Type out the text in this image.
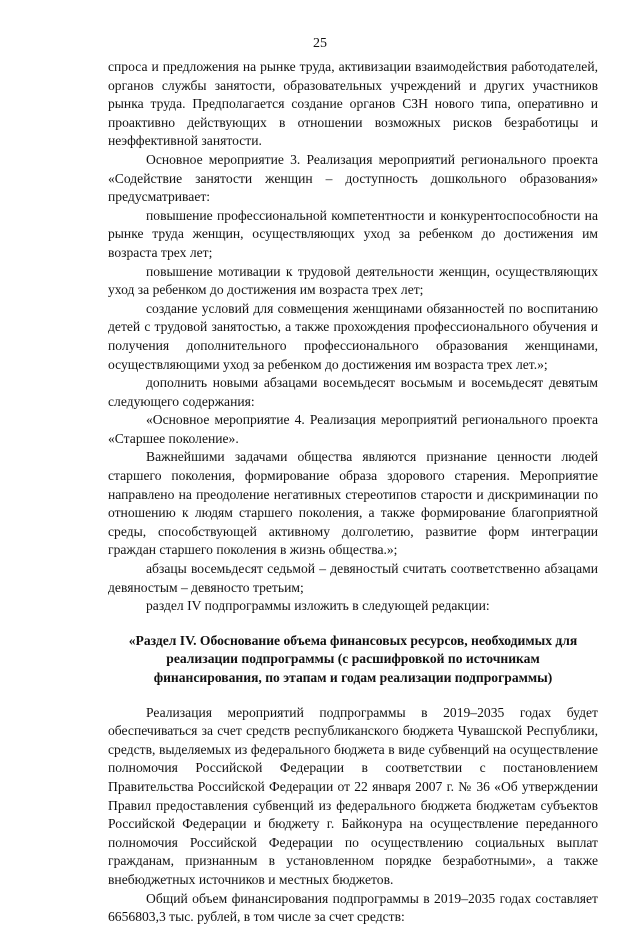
25

спроса и предложения на рынке труда, активизации взаимодействия работодателей, органов службы занятости, образовательных учреждений и других участников рынка труда. Предполагается создание органов СЗН нового типа, оперативно и проактивно действующих в отношении возможных рисков безработицы и неэффективной занятости.

Основное мероприятие 3. Реализация мероприятий регионального проекта «Содействие занятости женщин – доступность дошкольного образования» предусматривает:

повышение профессиональной компетентности и конкурентоспособности на рынке труда женщин, осуществляющих уход за ребенком до достижения им возраста трех лет;

повышение мотивации к трудовой деятельности женщин, осуществляющих уход за ребенком до достижения им возраста трех лет;

создание условий для совмещения женщинами обязанностей по воспитанию детей с трудовой занятостью, а также прохождения профессионального обучения и получения дополнительного профессионального образования женщинами, осуществляющими уход за ребенком до достижения им возраста трех лет.»;

дополнить новыми абзацами восемьдесят восьмым и восемьдесят девятым следующего содержания:

«Основное мероприятие 4. Реализация мероприятий регионального проекта «Старшее поколение».

Важнейшими задачами общества являются признание ценности людей старшего поколения, формирование образа здорового старения. Мероприятие направлено на преодоление негативных стереотипов старости и дискриминации по отношению к людям старшего поколения, а также формирование благоприятной среды, способствующей активному долголетию, развитие форм интеграции граждан старшего поколения в жизнь общества.»;

абзацы восемьдесят седьмой – девяностый считать соответственно абзацами девяностым – девяносто третьим;

раздел IV подпрограммы изложить в следующей редакции:

«Раздел IV. Обоснование объема финансовых ресурсов, необходимых для реализации подпрограммы (с расшифровкой по источникам финансирования, по этапам и годам реализации подпрограммы)

Реализация мероприятий подпрограммы в 2019–2035 годах будет обеспечиваться за счет средств республиканского бюджета Чувашской Республики, средств, выделяемых из федерального бюджета в виде субвенций на осуществление полномочия Российской Федерации в соответствии с постановлением Правительства Российской Федерации от 22 января 2007 г. № 36 «Об утверждении Правил предоставления субвенций из федерального бюджета бюджетам субъектов Российской Федерации и бюджету г. Байконура на осуществление переданного полномочия Российской Федерации по осуществлению социальных выплат гражданам, признанным в установленном порядке безработными», а также внебюджетных источников и местных бюджетов.

Общий объем финансирования подпрограммы в 2019–2035 годах составляет 6656803,3 тыс. рублей, в том числе за счет средств:
